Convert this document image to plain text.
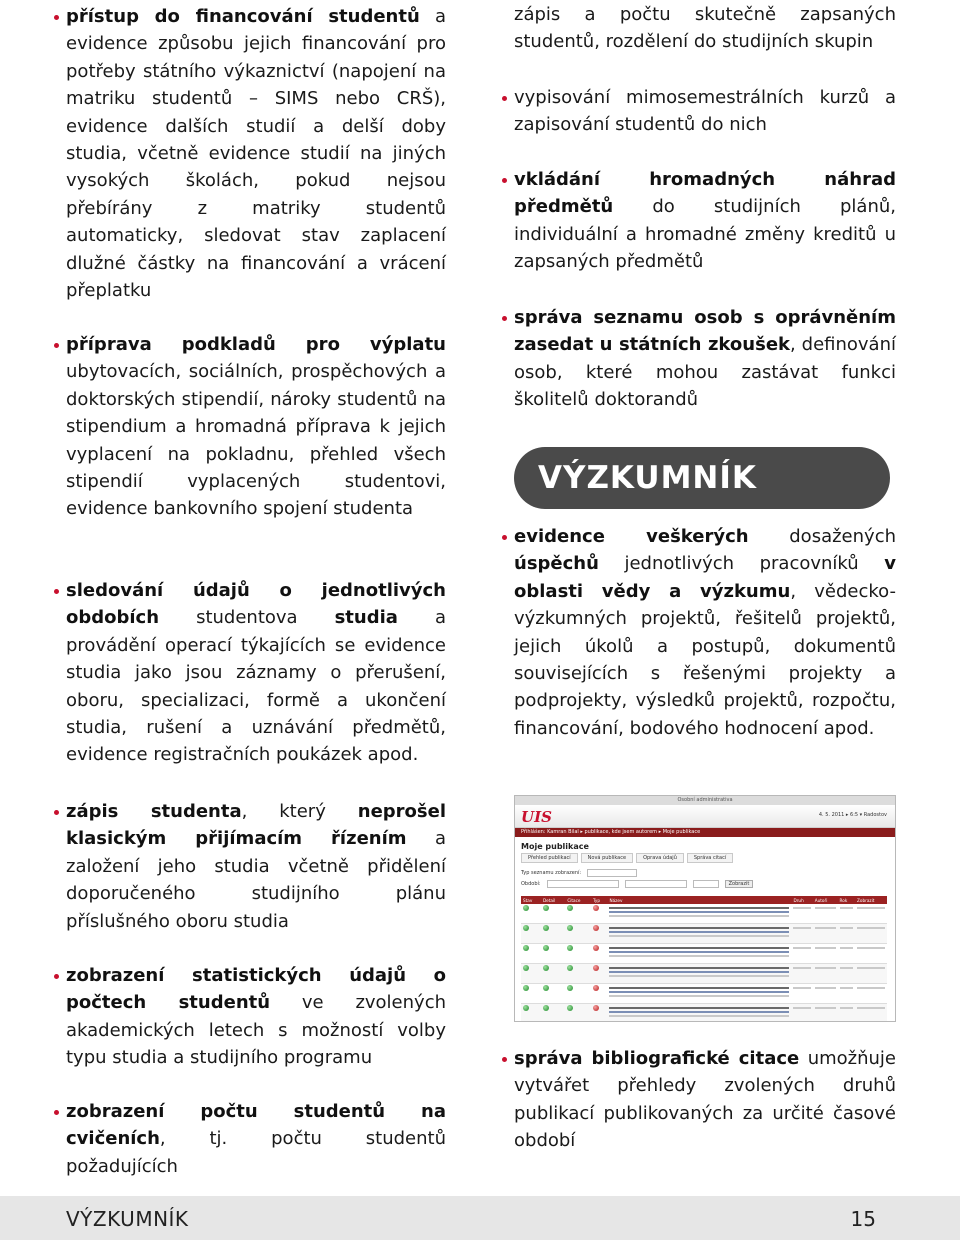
přístup do financování studentů a evidence způsobu jejich financování pro potřeby státního výkaznictví (napojení na matriku studentů – SIMS nebo CRŠ), evidence dalších studií a delší doby studia, včetně evidence studií na jiných vysokých školách, pokud nejsou přebírány z matriky studentů automaticky, sledovat stav zaplacení dlužné částky na financování a vrácení přeplatku
příprava podkladů pro výplatu ubytovacích, sociálních, prospěchových a doktorských stipendií, nároky studentů na stipendium a hromadná příprava k jejich vyplacení na pokladnu, přehled všech stipendií vyplacených studentovi, evidence bankovního spojení studenta
sledování údajů o jednotlivých obdobích studentova studia a provádění operací týkajících se evidence studia jako jsou záznamy o přerušení, oboru, specializaci, formě a ukončení studia, rušení a uznávání předmětů, evidence registračních poukázek apod.
zápis studenta, který neprošel klasickým přijímacím řízením a založení jeho studia včetně přidělení doporučeného studijního plánu příslušného oboru studia
zobrazení statistických údajů o počtech studentů ve zvolených akademických letech s možností volby typu studia a studijního programu
zobrazení počtu studentů na cvičeních, tj. počtu studentů požadujících
zápis a počtu skutečně zapsaných studentů, rozdělení do studijních skupin
vypisování mimosemestrálních kurzů a zapisování studentů do nich
vkládání hromadných náhrad předmětů do studijních plánů, individuální a hromadné změny kreditů u zapsaných předmětů
správa seznamu osob s oprávněním zasedat u státních zkoušek, definování osob, které mohou zastávat funkci školitelů doktorandů
evidence veškerých dosažených úspěchů jednotlivých pracovníků v oblasti vědy a výzkumu, vědecko-výzkumných projektů, řešitelů projektů, jejich úkolů a postupů, dokumentů souvisejících s řešenými projekty a podprojekty, výsledků projektů, rozpočtu, financování, bodového hodnocení apod.
správa bibliografické citace umožňuje vytvářet přehledy zvolených druhů publikací publikovaných za určité časové období
VÝZKUMNÍK
Osobní administrativa
UIS	4. 5. 2011 ▸ 6:5 ▾ Radostov
Přihlášen: Kamran Bilal ▸ publikace, kde jsem autorem ▸ Moje publikace
Moje publikace
Přehled publikací	Nová publikace	Oprava údajů	Správa citací
Typ seznamu zobrazení:
Období:	Zobrazit
Stav	Detail	Citace	Typ	Název	Druh	Autoři	Rok	Zobrazit

VÝZKUMNÍK	15
